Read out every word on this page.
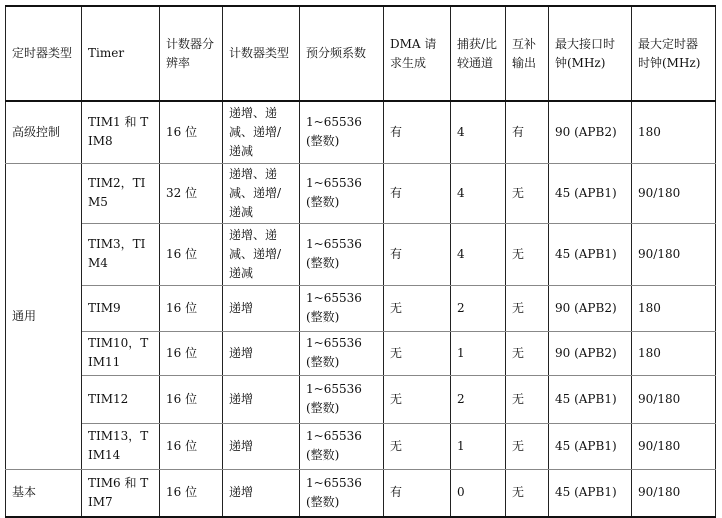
定时器类型	Timer	计数器分辨率	计数器类型	预分频系数	DMA 请求生成	捕获/比较通道	互补输出	最大接口时钟(MHz)	最大定时器时钟(MHz)
高级控制	TIM1 和 TIM8	16 位	递增、递减、递增/递减	1~65536(整数)	有	4	有	90 (APB2)	180
通用	TIM2，TIM5	32 位	递增、递减、递增/递减	1~65536(整数)	有	4	无	45 (APB1)	90/180
	TIM3，TIM4	16 位	递增、递减、递增/递减	1~65536(整数)	有	4	无	45 (APB1)	90/180
	TIM9	16 位	递增	1~65536(整数)	无	2	无	90 (APB2)	180
	TIM10，TIM11	16 位	递增	1~65536(整数)	无	1	无	90 (APB2)	180
	TIM12	16 位	递增	1~65536(整数)	无	2	无	45 (APB1)	90/180
	TIM13，TIM14	16 位	递增	1~65536(整数)	无	1	无	45 (APB1)	90/180
基本	TIM6 和 TIM7	16 位	递增	1~65536(整数)	有	0	无	45 (APB1)	90/180
